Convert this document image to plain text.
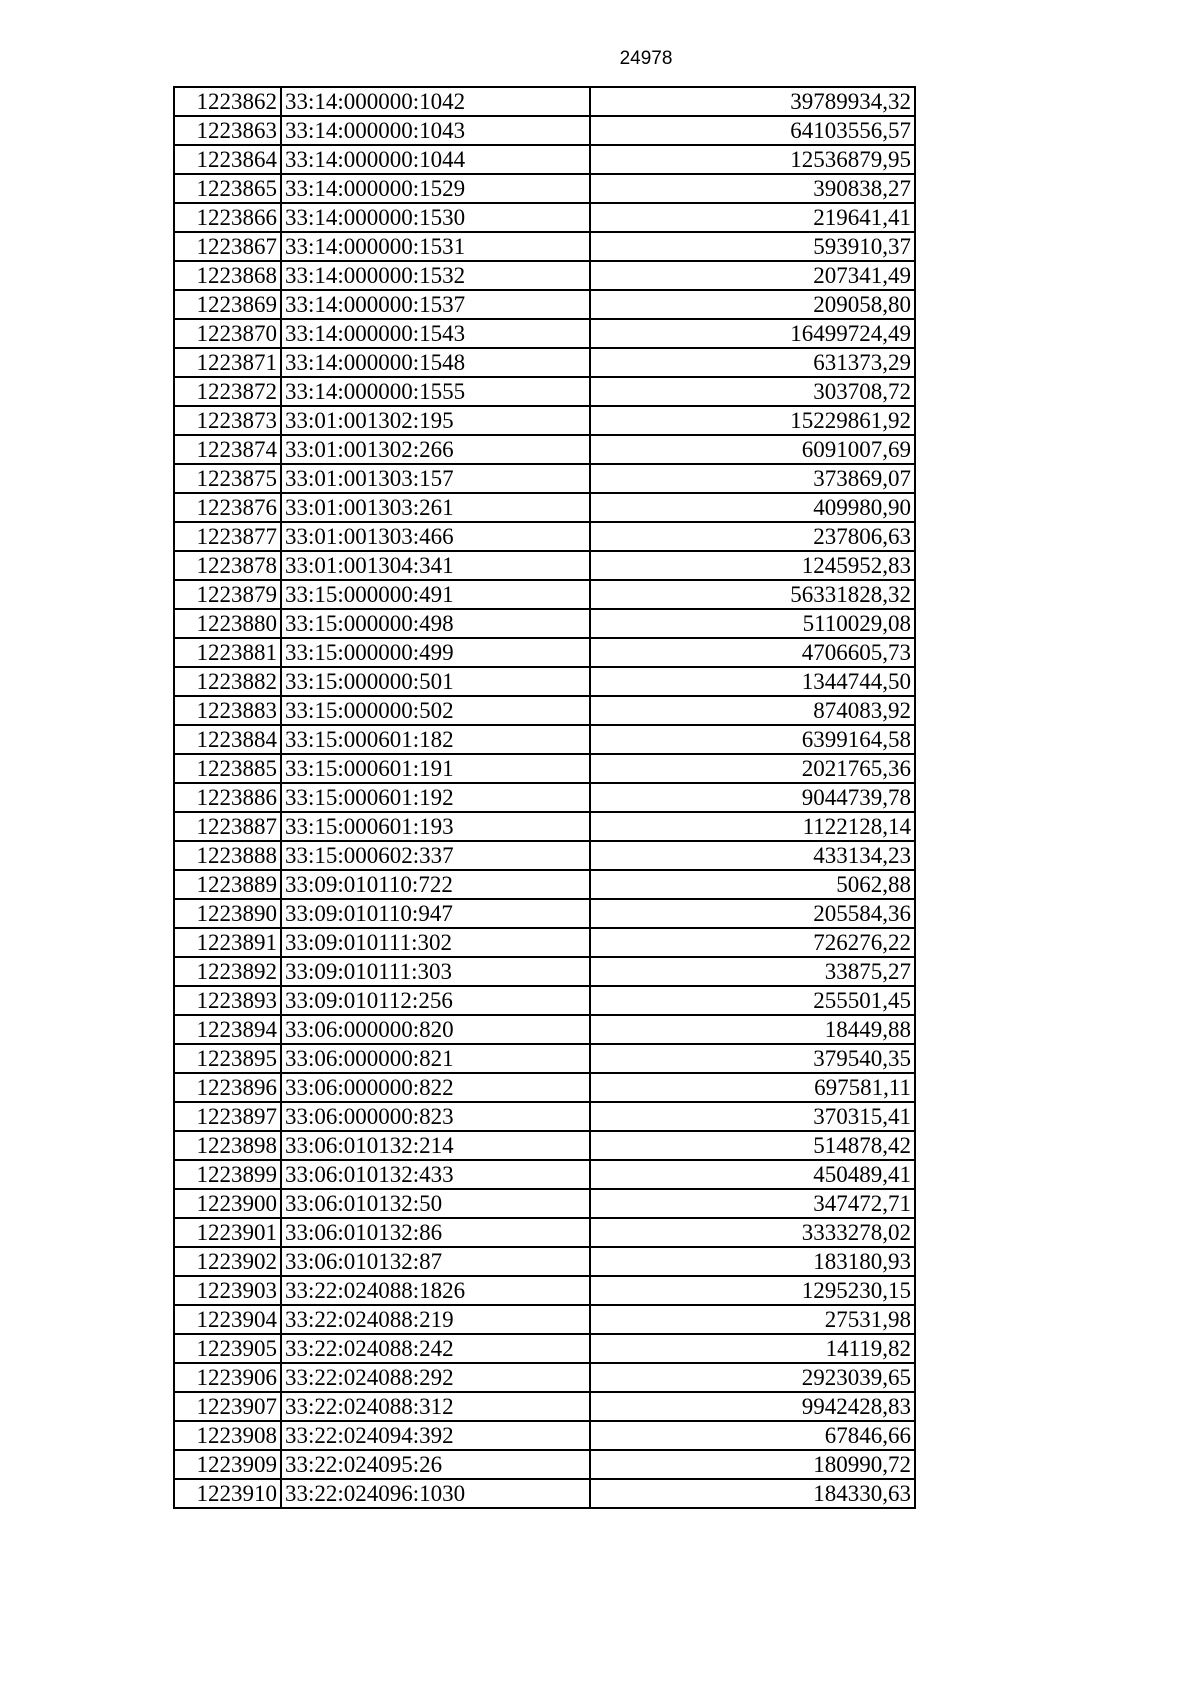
24978
1223862	33:14:000000:1042	39789934,32
1223863	33:14:000000:1043	64103556,57
1223864	33:14:000000:1044	12536879,95
1223865	33:14:000000:1529	390838,27
1223866	33:14:000000:1530	219641,41
1223867	33:14:000000:1531	593910,37
1223868	33:14:000000:1532	207341,49
1223869	33:14:000000:1537	209058,80
1223870	33:14:000000:1543	16499724,49
1223871	33:14:000000:1548	631373,29
1223872	33:14:000000:1555	303708,72
1223873	33:01:001302:195	15229861,92
1223874	33:01:001302:266	6091007,69
1223875	33:01:001303:157	373869,07
1223876	33:01:001303:261	409980,90
1223877	33:01:001303:466	237806,63
1223878	33:01:001304:341	1245952,83
1223879	33:15:000000:491	56331828,32
1223880	33:15:000000:498	5110029,08
1223881	33:15:000000:499	4706605,73
1223882	33:15:000000:501	1344744,50
1223883	33:15:000000:502	874083,92
1223884	33:15:000601:182	6399164,58
1223885	33:15:000601:191	2021765,36
1223886	33:15:000601:192	9044739,78
1223887	33:15:000601:193	1122128,14
1223888	33:15:000602:337	433134,23
1223889	33:09:010110:722	5062,88
1223890	33:09:010110:947	205584,36
1223891	33:09:010111:302	726276,22
1223892	33:09:010111:303	33875,27
1223893	33:09:010112:256	255501,45
1223894	33:06:000000:820	18449,88
1223895	33:06:000000:821	379540,35
1223896	33:06:000000:822	697581,11
1223897	33:06:000000:823	370315,41
1223898	33:06:010132:214	514878,42
1223899	33:06:010132:433	450489,41
1223900	33:06:010132:50	347472,71
1223901	33:06:010132:86	3333278,02
1223902	33:06:010132:87	183180,93
1223903	33:22:024088:1826	1295230,15
1223904	33:22:024088:219	27531,98
1223905	33:22:024088:242	14119,82
1223906	33:22:024088:292	2923039,65
1223907	33:22:024088:312	9942428,83
1223908	33:22:024094:392	67846,66
1223909	33:22:024095:26	180990,72
1223910	33:22:024096:1030	184330,63
